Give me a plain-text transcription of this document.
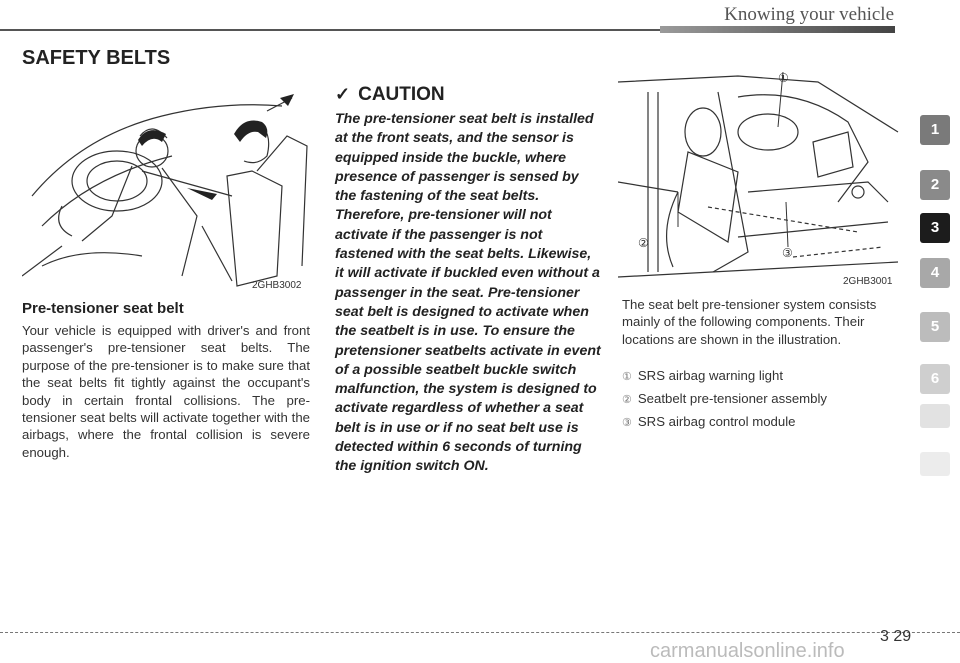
Knowing your vehicle
SAFETY BELTS
2GHB3002
Pre-tensioner seat belt
Your vehicle is equipped with driver's and front passenger's pre-tensioner seat belts. The purpose of the pre-tensioner is to make sure that the seat belts fit tightly against the occupant's body in certain frontal collisions. The pre-tensioner seat belts will activate together with the airbags, where the frontal collision is severe enough.
✓ CAUTION
The pre-tensioner seat belt is installed at the front seats, and the sensor is equipped inside the buckle, where presence of passenger is sensed by the fastening of the seat belts. Therefore, pre-tensioner will not activate if the passenger is not fastened with the seat belts. Likewise, it will activate if buckled even without a passenger in the seat. Pre-tensioner seat belt is designed to activate when the seatbelt is in use. To ensure the pretensioner seatbelts activate in event of a possible seatbelt buckle switch malfunction, the system is designed to activate regardless of whether a seat belt is in use or if no seat belt use is detected within 6 seconds of turning the ignition switch ON.
①
②
③
2GHB3001
The seat belt pre-tensioner system consists mainly of the following components. Their locations are shown in the illustration.
① SRS airbag warning light
② Seatbelt pre-tensioner assembly
③ SRS airbag control module
1
2
3
4
5
6
3 29
carmanualsonline.info
